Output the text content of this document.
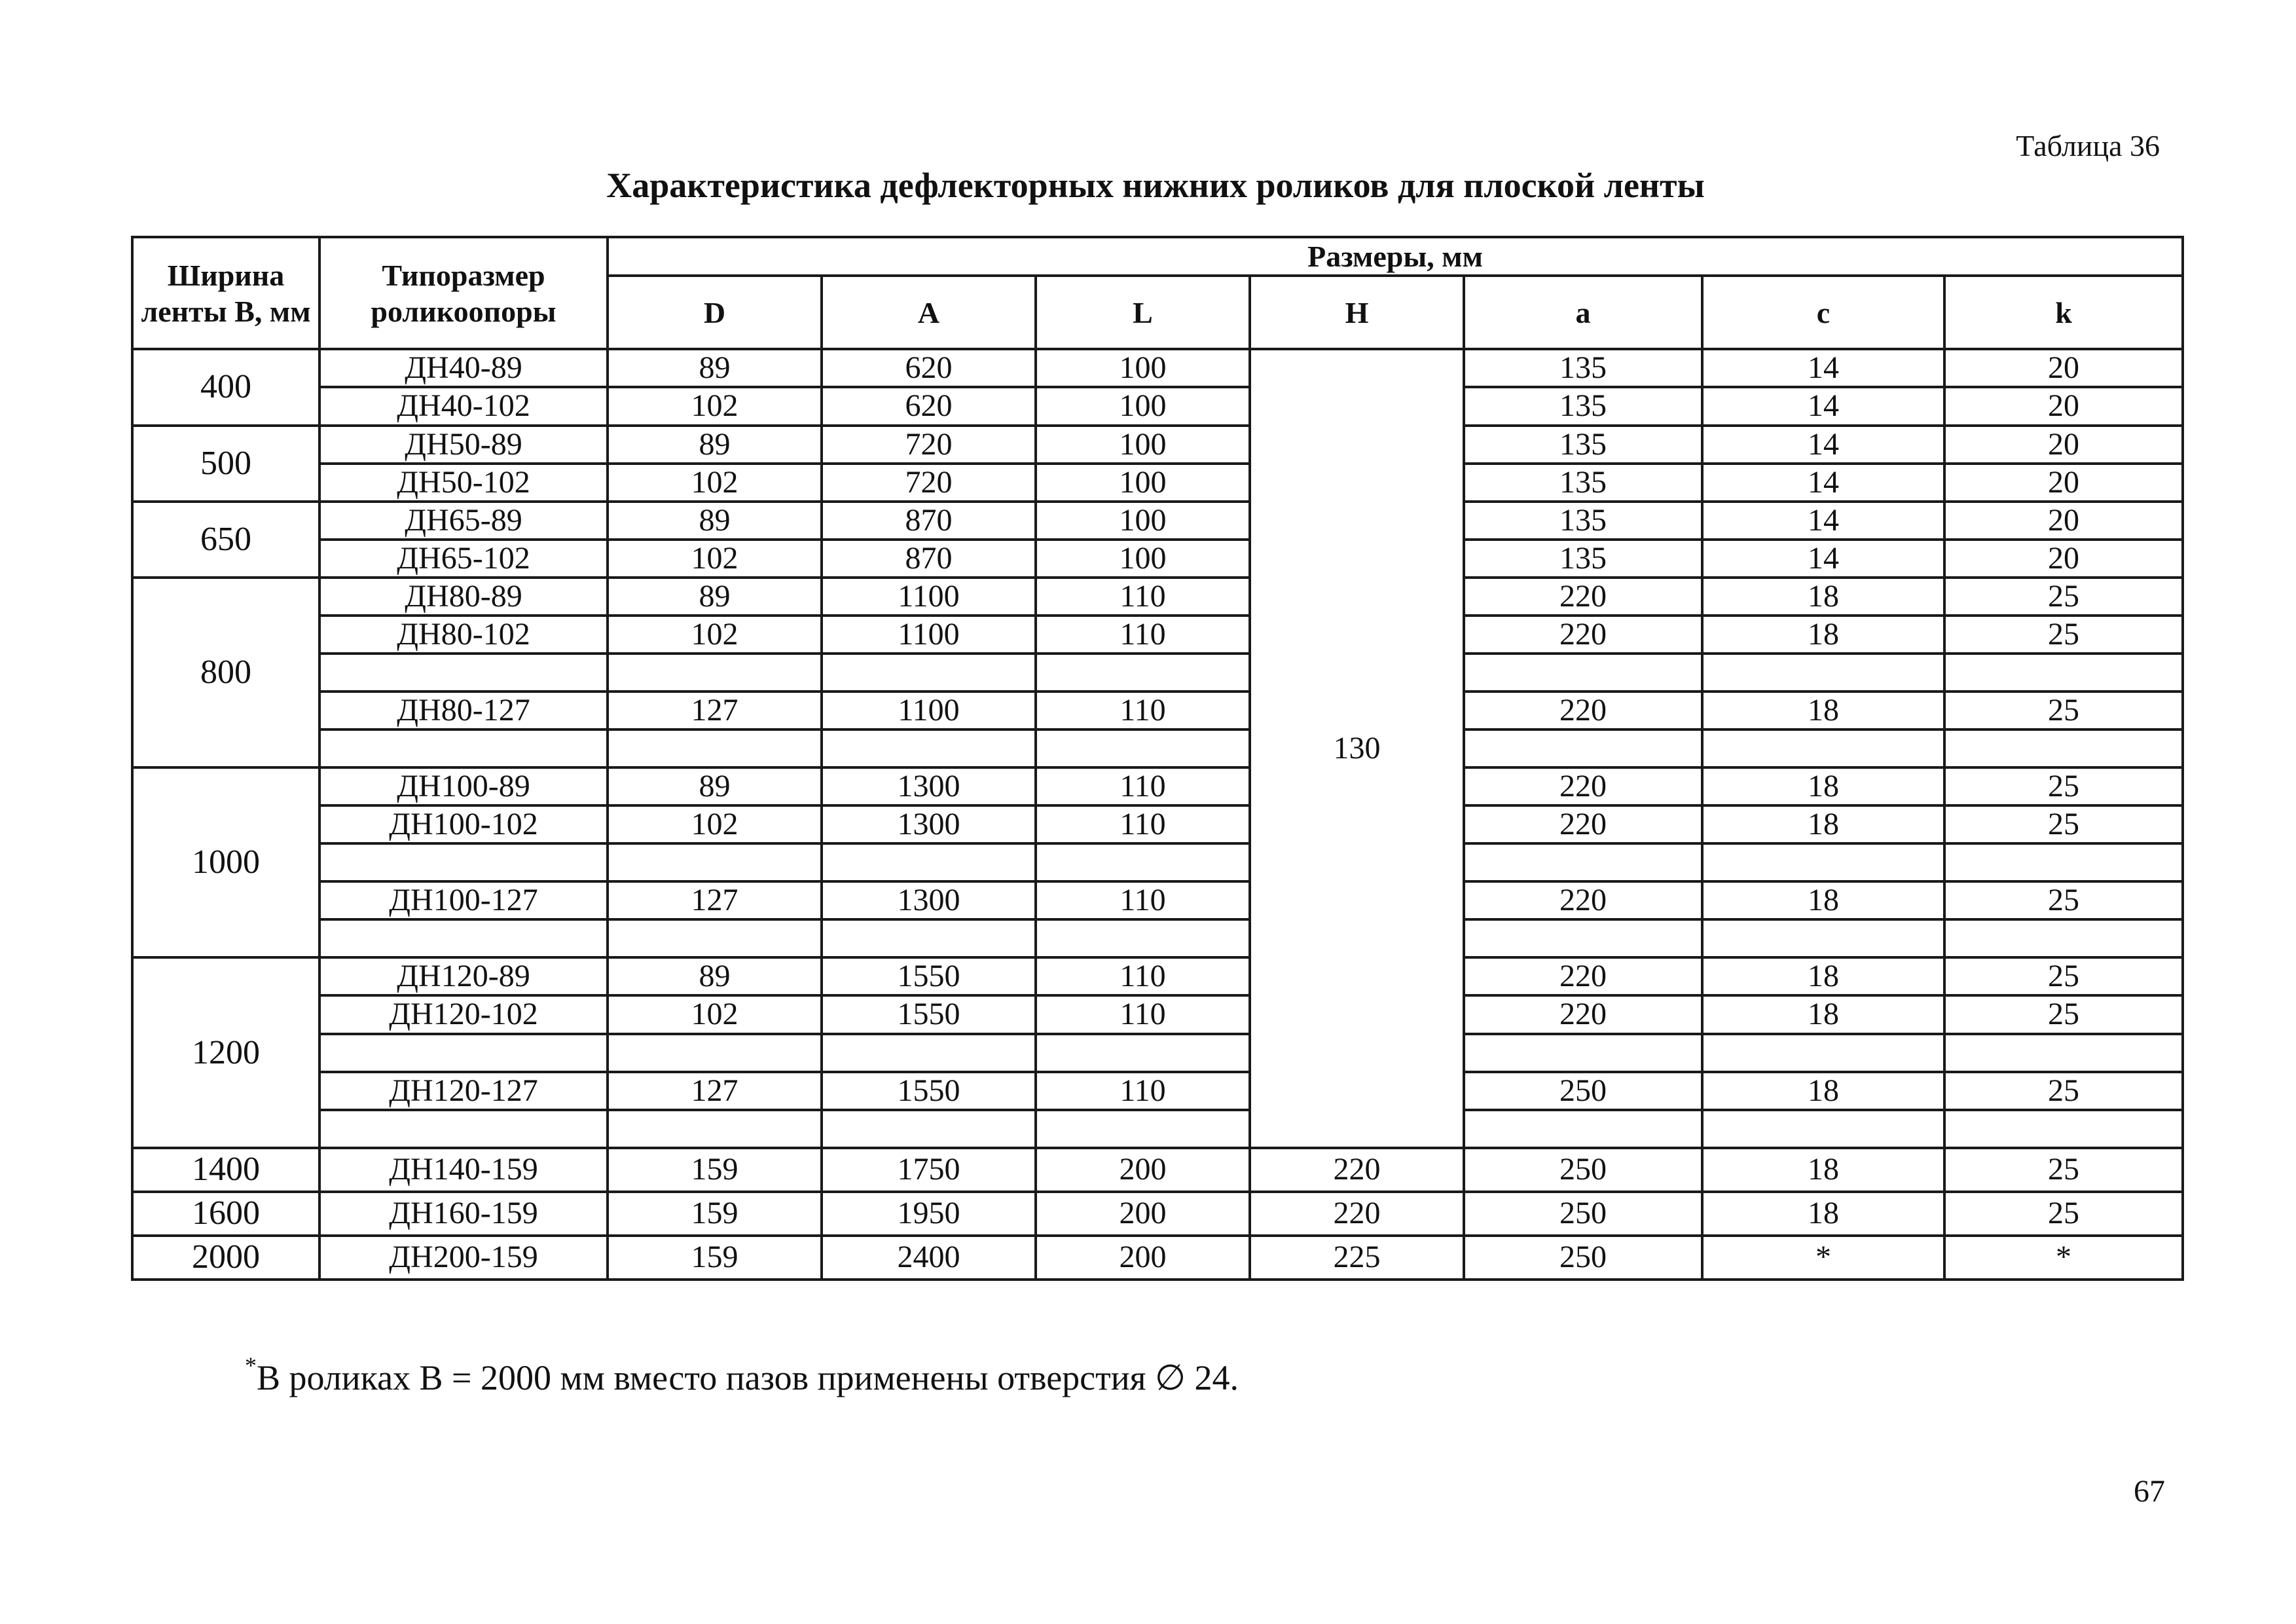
Таблица 36
Характеристика дефлекторных нижних роликов для плоской ленты
Ширина ленты В, мм	Типоразмер роликоопоры	Размеры, мм						
		D	A	L	H	a	c	k
400	ДН40-89	89	620	100	130	135	14	20
	ДН40-102	102	620	100		135	14	20
500	ДН50-89	89	720	100		135	14	20
	ДН50-102	102	720	100		135	14	20
650	ДН65-89	89	870	100		135	14	20
	ДН65-102	102	870	100		135	14	20
800	ДН80-89	89	1100	110		220	18	25
	ДН80-102	102	1100	110		220	18	25

	ДН80-127	127	1100	110		220	18	25

1000	ДН100-89	89	1300	110		220	18	25
	ДН100-102	102	1300	110		220	18	25

	ДН100-127	127	1300	110		220	18	25

1200	ДН120-89	89	1550	110		220	18	25
	ДН120-102	102	1550	110		220	18	25

	ДН120-127	127	1550	110		250	18	25

1400	ДН140-159	159	1750	200	220	250	18	25
1600	ДН160-159	159	1950	200	220	250	18	25
2000	ДН200-159	159	2400	200	225	250	*	*
*В роликах В = 2000 мм вместо пазов применены отверстия ∅ 24.
67
